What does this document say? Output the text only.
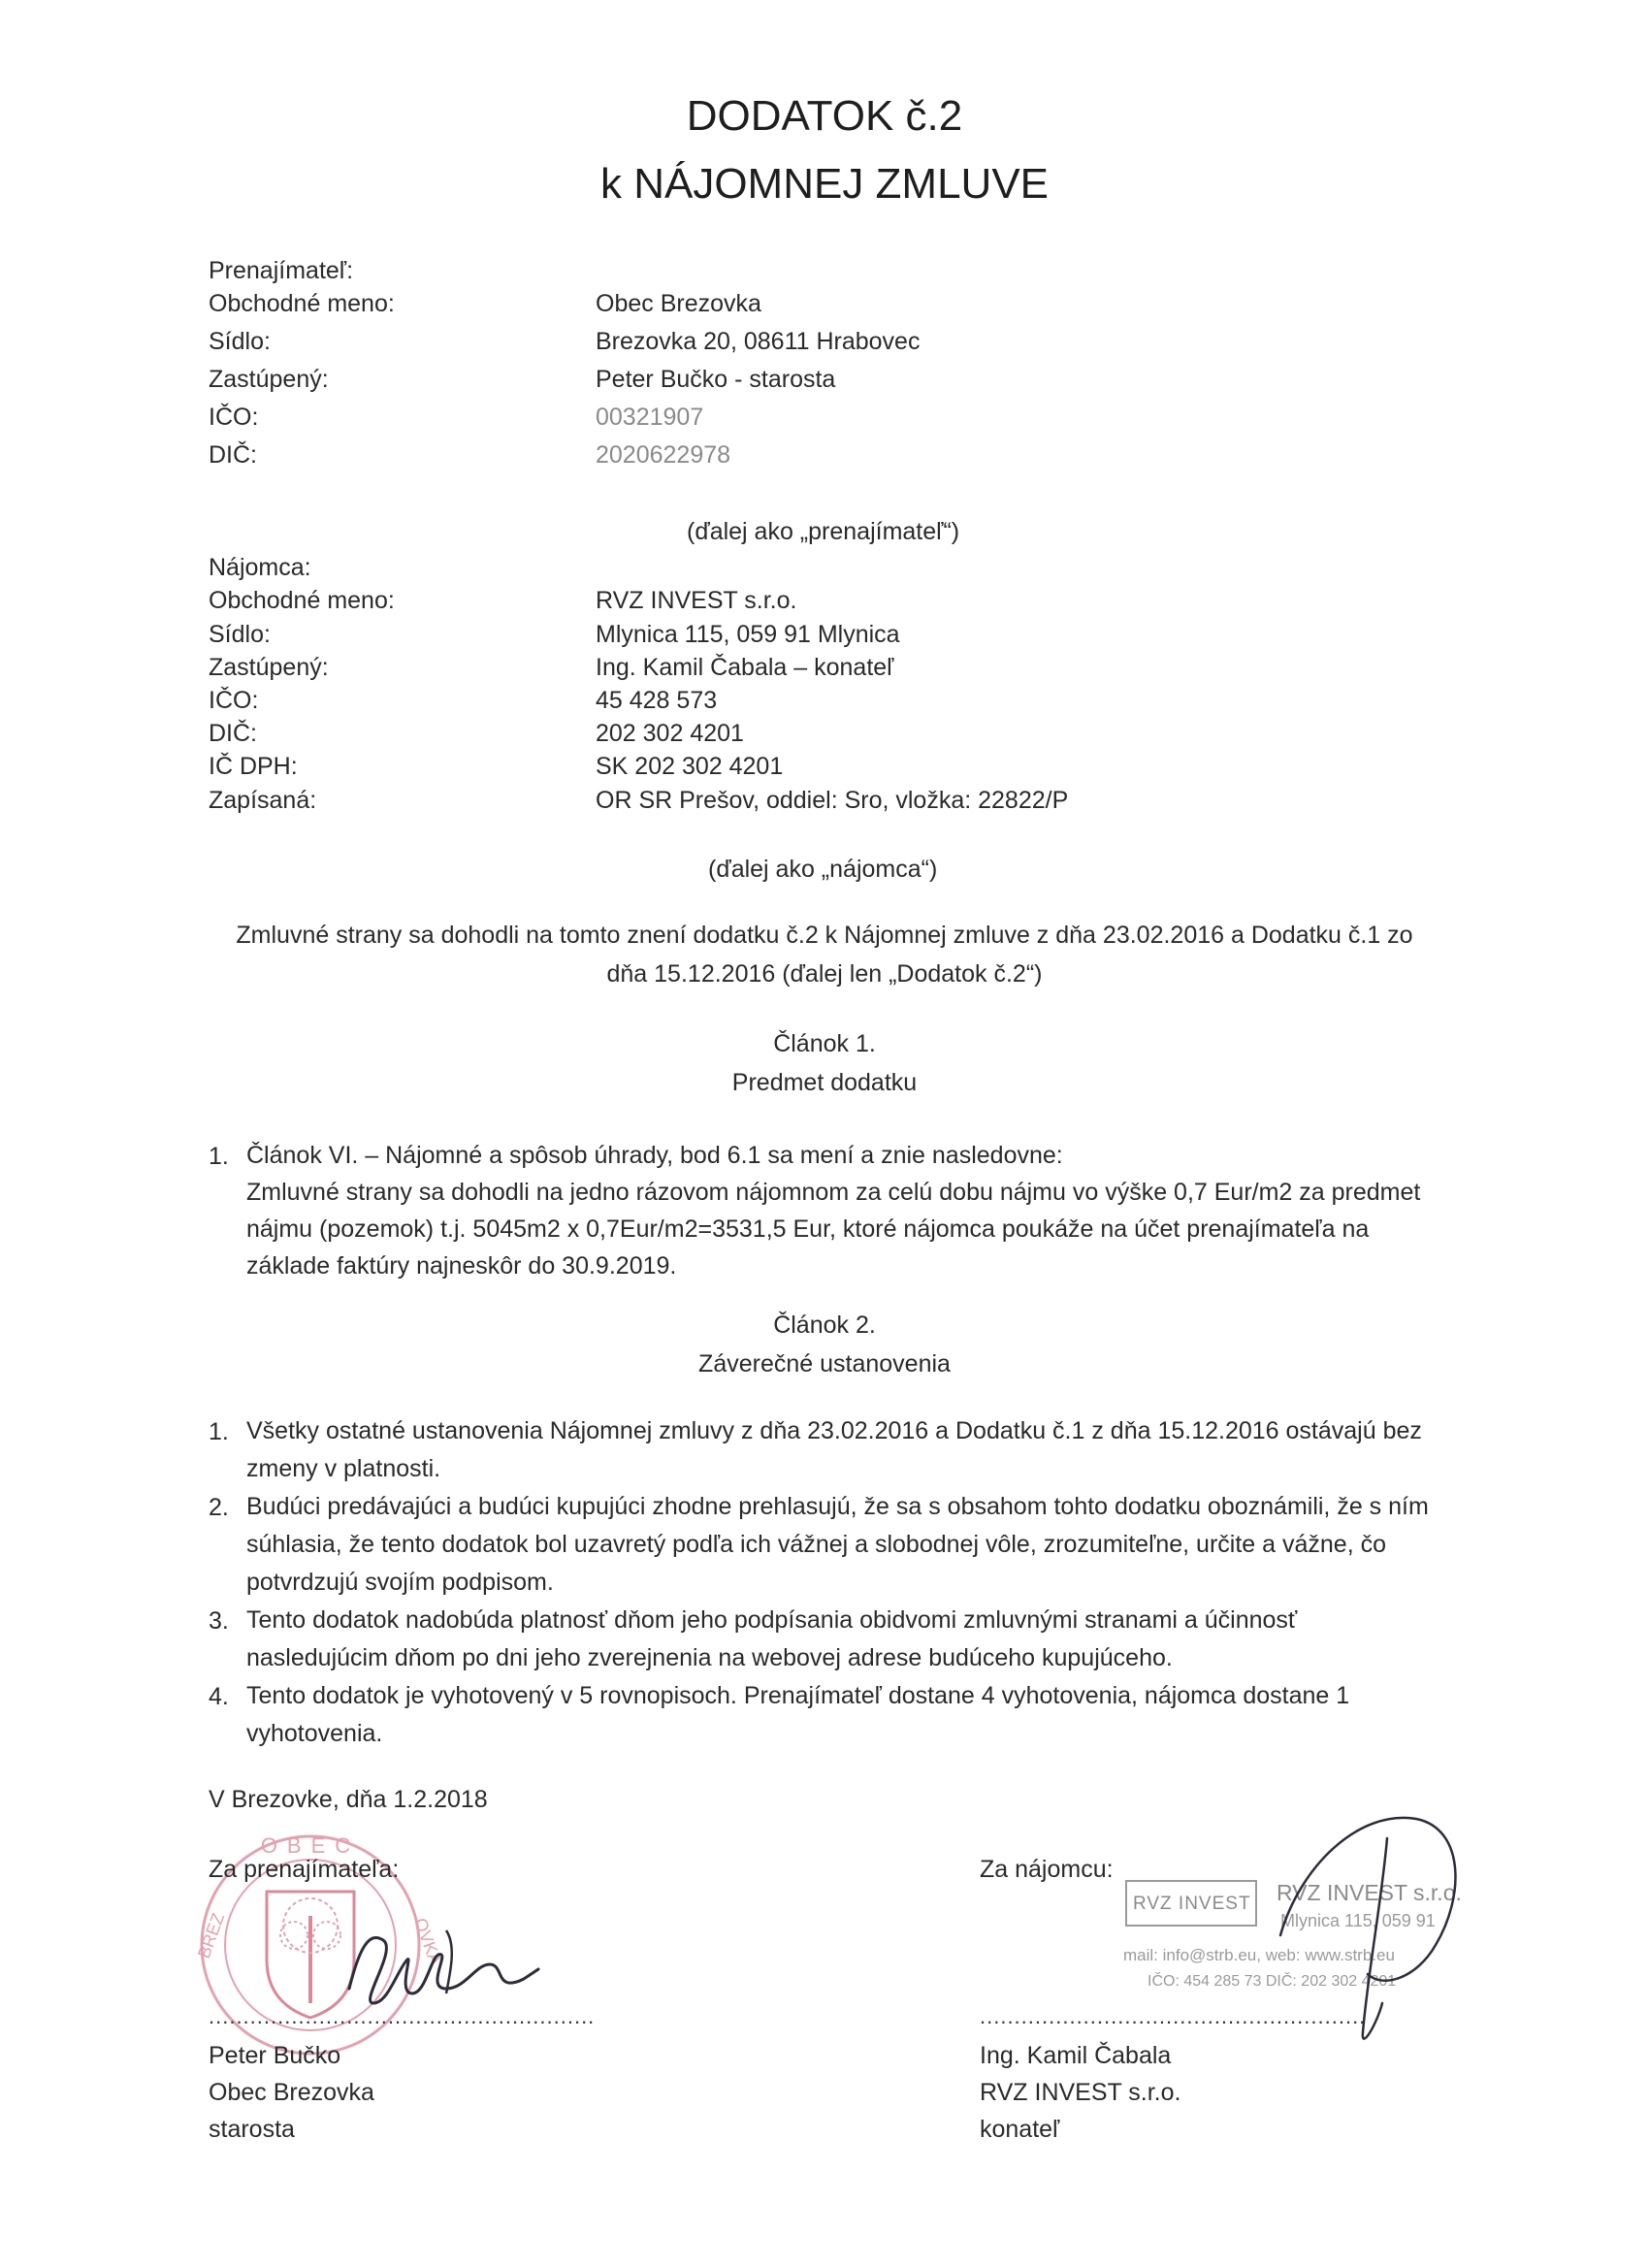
DODATOK č.2
k NÁJOMNEJ ZMLUVE
Prenajímateľ:
Obchodné meno:	Obec Brezovka
Sídlo:	Brezovka 20, 08611 Hrabovec
Zastúpený:	Peter Bučko - starosta
IČO:	00321907
DIČ:	2020622978
(ďalej ako „prenajímateľ“)
Nájomca:
Obchodné meno:	RVZ INVEST s.r.o.
Sídlo:	Mlynica 115, 059 91 Mlynica
Zastúpený:	Ing. Kamil Čabala – konateľ
IČO:	45 428 573
DIČ:	202 302 4201
IČ DPH:	SK 202 302 4201
Zapísaná:	OR SR Prešov, oddiel: Sro, vložka: 22822/P
(ďalej ako „nájomca“)
Zmluvné strany sa dohodli na tomto znení dodatku č.2 k Nájomnej zmluve z dňa 23.02.2016 a Dodatku č.1 zo
dňa 15.12.2016 (ďalej len „Dodatok č.2“)
Článok 1.
Predmet dodatku
1. Článok VI. – Nájomné a spôsob úhrady, bod 6.1 sa mení a znie nasledovne:
Zmluvné strany sa dohodli na jedno rázovom nájomnom za celú dobu nájmu vo výške 0,7 Eur/m2 za predmet
nájmu (pozemok) t.j. 5045m2 x 0,7Eur/m2=3531,5 Eur, ktoré nájomca poukáže na účet prenajímateľa na
základe faktúry najneskôr do 30.9.2019.
Článok 2.
Záverečné ustanovenia
1. Všetky ostatné ustanovenia Nájomnej zmluvy z dňa 23.02.2016 a Dodatku č.1 z dňa 15.12.2016 ostávajú bez
zmeny v platnosti.
2. Budúci predávajúci a budúci kupujúci zhodne prehlasujú, že sa s obsahom tohto dodatku oboznámili, že s ním
súhlasia, že tento dodatok bol uzavretý podľa ich vážnej a slobodnej vôle, zrozumiteľne, určite a vážne, čo
potvrdzujú svojím podpisom.
3. Tento dodatok nadobúda platnosť dňom jeho podpísania obidvomi zmluvnými stranami a účinnosť
nasledujúcim dňom po dni jeho zverejnenia na webovej adrese budúceho kupujúceho.
4. Tento dodatok je vyhotovený v 5 rovnopisoch. Prenajímateľ dostane 4 vyhotovenia, nájomca dostane 1
vyhotovenia.
V Brezovke, dňa 1.2.2018
OBEC
BREZ	OVKA
Za prenajímateľa:
........................................................
Peter Bučko
Obec Brezovka
starosta
Za nájomcu:
RVZ INVEST RVZ INVEST s.r.o.
Mlynica 115, 059 91
mail: info@strb.eu, web: www.strb.eu
IČO: 454 285 73 DIČ: 202 302 4201
........................................................
Ing. Kamil Čabala
RVZ INVEST s.r.o.
konateľ
